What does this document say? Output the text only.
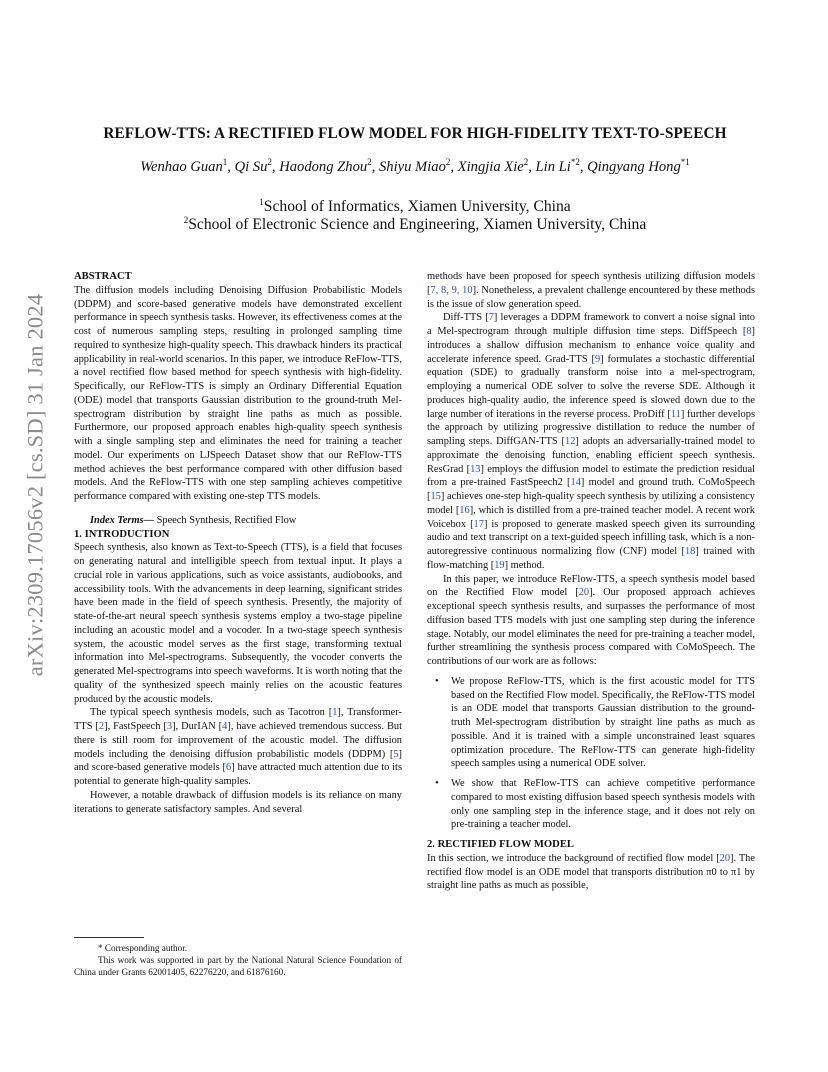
arXiv:2309.17056v2 [cs.SD] 31 Jan 2024
REFLOW-TTS: A RECTIFIED FLOW MODEL FOR HIGH-FIDELITY TEXT-TO-SPEECH
Wenhao Guan$^1$, Qi Su$^2$, Haodong Zhou$^2$, Shiyu Miao$^2$, Xingjia Xie$^2$, Lin Li$^{*2}$, Qingyang Hong$^{*1}$
$^1$School of Informatics, Xiamen University, China
$^2$School of Electronic Science and Engineering, Xiamen University, China

ABSTRACT

The diffusion models including Denoising Diffusion Probabilistic Models (DDPM) and score-based generative models have demonstrated excellent performance in speech synthesis tasks. However, its effectiveness comes at the cost of numerous sampling steps, resulting in prolonged sampling time required to synthesize high-quality speech. This drawback hinders its practical applicability in real-world scenarios. In this paper, we introduce ReFlow-TTS, a novel rectified flow based method for speech synthesis with high-fidelity. Specifically, our ReFlow-TTS is simply an Ordinary Differential Equation (ODE) model that transports Gaussian distribution to the ground-truth Mel-spectrogram distribution by straight line paths as much as possible. Furthermore, our proposed approach enables high-quality speech synthesis with a single sampling step and eliminates the need for training a teacher model. Our experiments on LJSpeech Dataset show that our ReFlow-TTS method achieves the best performance compared with other diffusion based models. And the ReFlow-TTS with one step sampling achieves competitive performance compared with existing one-step TTS models.

Index Terms— Speech Synthesis, Rectified Flow

1. INTRODUCTION

Speech synthesis, also known as Text-to-Speech (TTS), is a field that focuses on generating natural and intelligible speech from textual input. It plays a crucial role in various applications, such as voice assistants, audiobooks, and accessibility tools. With the advancements in deep learning, significant strides have been made in the field of speech synthesis. Presently, the majority of state-of-the-art neural speech synthesis systems employ a two-stage pipeline including an acoustic model and a vocoder. In a two-stage speech synthesis system, the acoustic model serves as the first stage, transforming textual information into Mel-spectrograms. Subsequently, the vocoder converts the generated Mel-spectrograms into speech waveforms. It is worth noting that the quality of the synthesized speech mainly relies on the acoustic features produced by the acoustic models.

The typical speech synthesis models, such as Tacotron [1], Transformer-TTS [2], FastSpeech [3], DurIAN [4], have achieved tremendous success. But there is still room for improvement of the acoustic model. The diffusion models including the denoising diffusion probabilistic models (DDPM) [5] and score-based generative models [6] have attracted much attention due to its potential to generate high-quality samples.

However, a notable drawback of diffusion models is its reliance on many iterations to generate satisfactory samples. And several

methods have been proposed for speech synthesis utilizing diffusion models [7, 8, 9, 10]. Nonetheless, a prevalent challenge encountered by these methods is the issue of slow generation speed.

Diff-TTS [7] leverages a DDPM framework to convert a noise signal into a Mel-spectrogram through multiple diffusion time steps. DiffSpeech [8] introduces a shallow diffusion mechanism to enhance voice quality and accelerate inference speed. Grad-TTS [9] formulates a stochastic differential equation (SDE) to gradually transform noise into a mel-spectrogram, employing a numerical ODE solver to solve the reverse SDE. Although it produces high-quality audio, the inference speed is slowed down due to the large number of iterations in the reverse process. ProDiff [11] further develops the approach by utilizing progressive distillation to reduce the number of sampling steps. DiffGAN-TTS [12] adopts an adversarially-trained model to approximate the denoising function, enabling efficient speech synthesis. ResGrad [13] employs the diffusion model to estimate the prediction residual from a pre-trained FastSpeech2 [14] model and ground truth. CoMoSpeech [15] achieves one-step high-quality speech synthesis by utilizing a consistency model [16], which is distilled from a pre-trained teacher model. A recent work Voicebox [17] is proposed to generate masked speech given its surrounding audio and text transcript on a text-guided speech infilling task, which is a non-autoregressive continuous normalizing flow (CNF) model [18] trained with flow-matching [19] method.

In this paper, we introduce ReFlow-TTS, a speech synthesis model based on the Rectified Flow model [20]. Our proposed approach achieves exceptional speech synthesis results, and surpasses the performance of most diffusion based TTS models with just one sampling step during the inference stage. Notably, our model eliminates the need for pre-training a teacher model, further streamlining the synthesis process compared with CoMoSpeech. The contributions of our work are as follows:

• We propose ReFlow-TTS, which is the first acoustic model for TTS based on the Rectified Flow model. Specifically, the ReFlow-TTS model is an ODE model that transports Gaussian distribution to the ground-truth Mel-spectrogram distribution by straight line paths as much as possible. And it is trained with a simple unconstrained least squares optimization procedure. The ReFlow-TTS can generate high-fidelity speech samples using a numerical ODE solver.
• We show that ReFlow-TTS can achieve competitive performance compared to most existing diffusion based speech synthesis models with only one sampling step in the inference stage, and it does not rely on pre-training a teacher model.

2. RECTIFIED FLOW MODEL

In this section, we introduce the background of rectified flow model [20]. The rectified flow model is an ODE model that transports distribution π0 to π1 by straight line paths as much as possible,

* Corresponding author.

This work was supported in part by the National Natural Science Foundation of China under Grants 62001405, 62276220, and 61876160.
